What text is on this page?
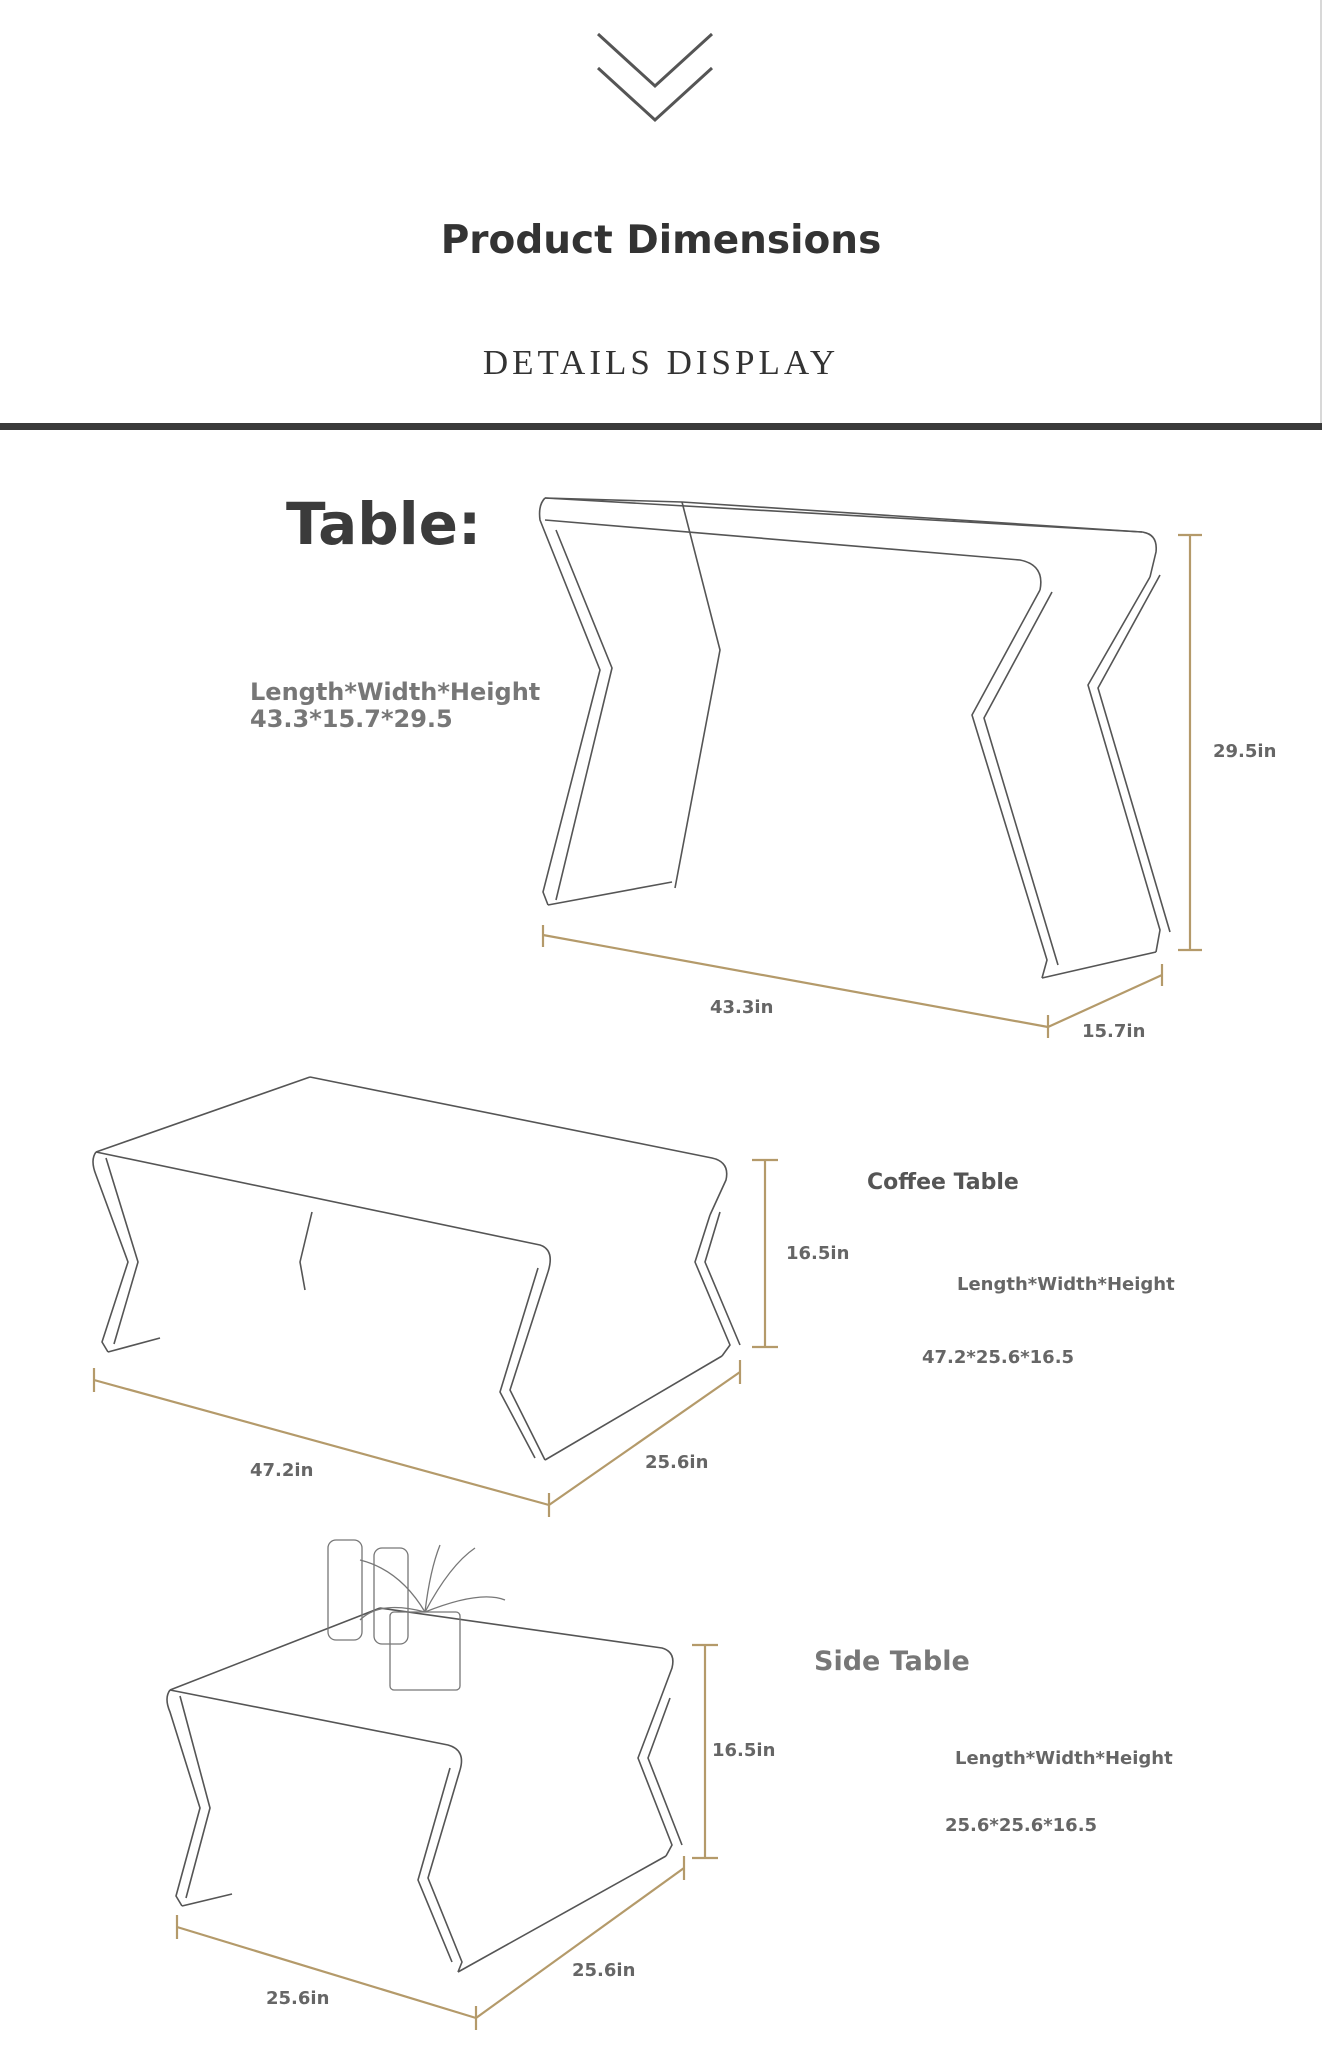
Product Dimensions
DETAILS DISPLAY
Table:
Length*Width*Height
43.3*15.7*29.5
29.5in
43.3in
15.7in
Coffee Table
Length*Width*Height
47.2*25.6*16.5
16.5in
47.2in	25.6in
Side Table
Length*Width*Height
25.6*25.6*16.5
16.5in
25.6in
25.6in
